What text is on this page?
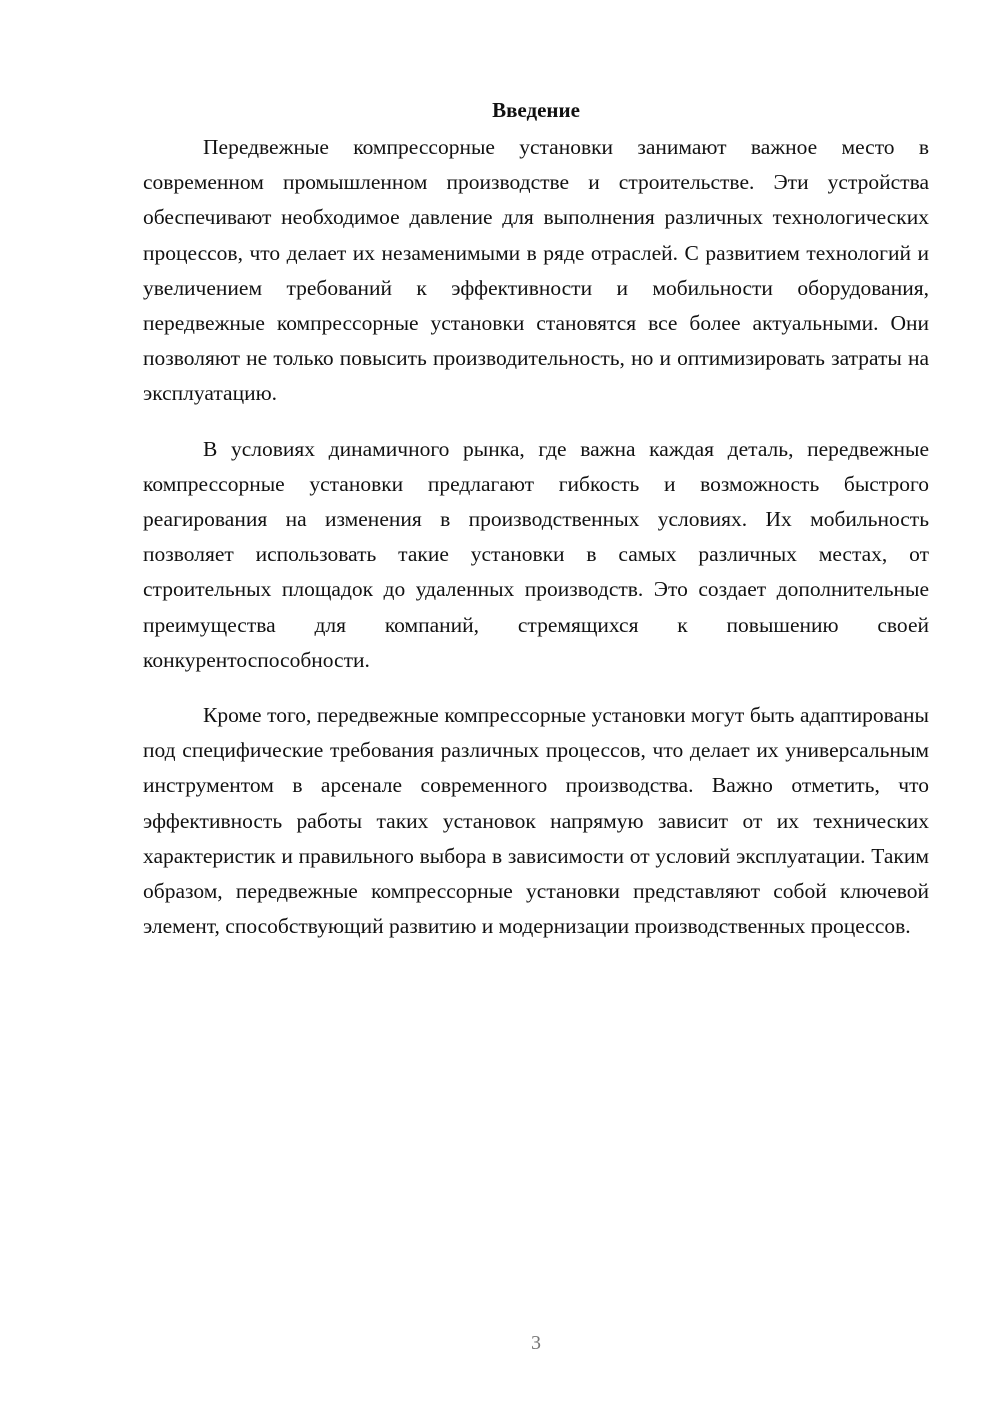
Введение

Передвежные компрессорные установки занимают важное место в современном промышленном производстве и строительстве. Эти устройства обеспечивают необходимое давление для выполнения различных технологических процессов, что делает их незаменимыми в ряде отраслей. С развитием технологий и увеличением требований к эффективности и мобильности оборудования, передвежные компрессорные установки становятся все более актуальными. Они позволяют не только повысить производительность, но и оптимизировать затраты на эксплуатацию.

В условиях динамичного рынка, где важна каждая деталь, передвежные компрессорные установки предлагают гибкость и возможность быстрого реагирования на изменения в производственных условиях. Их мобильность позволяет использовать такие установки в самых различных местах, от строительных площадок до удаленных производств. Это создает дополнительные преимущества для компаний, стремящихся к повышению своей конкурентоспособности.

Кроме того, передвежные компрессорные установки могут быть адаптированы под специфические требования различных процессов, что делает их универсальным инструментом в арсенале современного производства. Важно отметить, что эффективность работы таких установок напрямую зависит от их технических характеристик и правильного выбора в зависимости от условий эксплуатации. Таким образом, передвежные компрессорные установки представляют собой ключевой элемент, способствующий развитию и модернизации производственных процессов.

3
